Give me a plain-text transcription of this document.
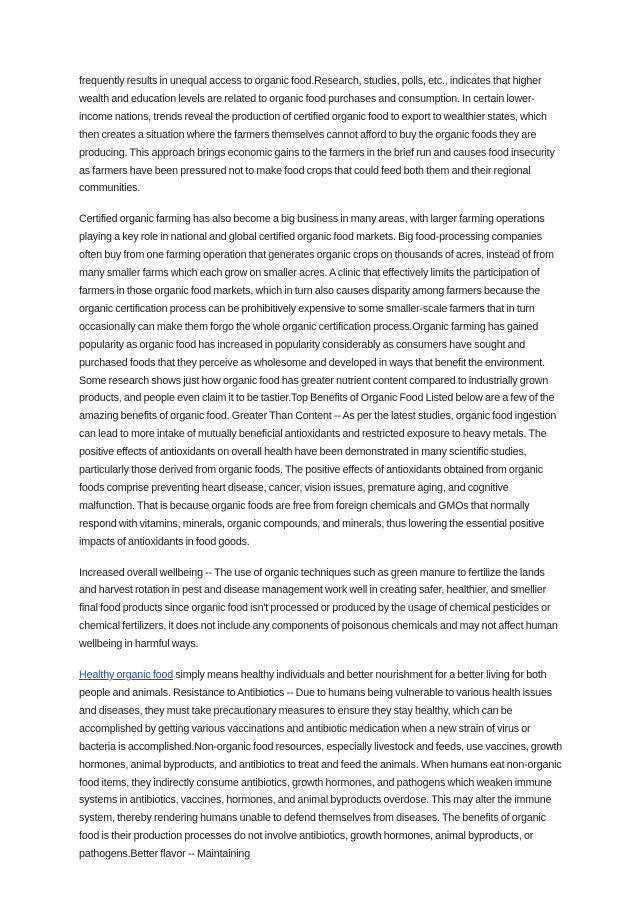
frequently results in unequal access to organic food.Research, studies, polls, etc., indicates that higher wealth and education levels are related to organic food purchases and consumption. In certain lower-income nations, trends reveal the production of certified organic food to export to wealthier states, which then creates a situation where the farmers themselves cannot afford to buy the organic foods they are producing. This approach brings economic gains to the farmers in the brief run and causes food insecurity as farmers have been pressured not to make food crops that could feed both them and their regional communities.

Certified organic farming has also become a big business in many areas, with larger farming operations playing a key role in national and global certified organic food markets. Big food-processing companies often buy from one farming operation that generates organic crops on thousands of acres, instead of from many smaller farms which each grow on smaller acres. A clinic that effectively limits the participation of farmers in those organic food markets, which in turn also causes disparity among farmers because the organic certification process can be prohibitively expensive to some smaller-scale farmers that in turn occasionally can make them forgo the whole organic certification process.Organic farming has gained popularity as organic food has increased in popularity considerably as consumers have sought and purchased foods that they perceive as wholesome and developed in ways that benefit the environment. Some research shows just how organic food has greater nutrient content compared to industrially grown products, and people even claim it to be tastier.Top Benefits of Organic Food Listed below are a few of the amazing benefits of organic food. Greater Than Content -- As per the latest studies, organic food ingestion can lead to more intake of mutually beneficial antioxidants and restricted exposure to heavy metals. The positive effects of antioxidants on overall health have been demonstrated in many scientific studies, particularly those derived from organic foods. The positive effects of antioxidants obtained from organic foods comprise preventing heart disease, cancer, vision issues, premature aging, and cognitive malfunction. That is because organic foods are free from foreign chemicals and GMOs that normally respond with vitamins, minerals, organic compounds, and minerals, thus lowering the essential positive impacts of antioxidants in food goods.

Increased overall wellbeing -- The use of organic techniques such as green manure to fertilize the lands and harvest rotation in pest and disease management work well in creating safer, healthier, and smellier final food products since organic food isn't processed or produced by the usage of chemical pesticides or chemical fertilizers, it does not include any components of poisonous chemicals and may not affect human wellbeing in harmful ways.

Healthy organic food simply means healthy individuals and better nourishment for a better living for both people and animals. Resistance to Antibiotics -- Due to humans being vulnerable to various health issues and diseases, they must take precautionary measures to ensure they stay healthy, which can be accomplished by getting various vaccinations and antibiotic medication when a new strain of virus or bacteria is accomplished.Non-organic food resources, especially livestock and feeds, use vaccines, growth hormones, animal byproducts, and antibiotics to treat and feed the animals. When humans eat non-organic food items, they indirectly consume antibiotics, growth hormones, and pathogens which weaken immune systems in antibiotics, vaccines, hormones, and animal byproducts overdose. This may alter the immune system, thereby rendering humans unable to defend themselves from diseases. The benefits of organic food is their production processes do not involve antibiotics, growth hormones, animal byproducts, or pathogens.Better flavor -- Maintaining
